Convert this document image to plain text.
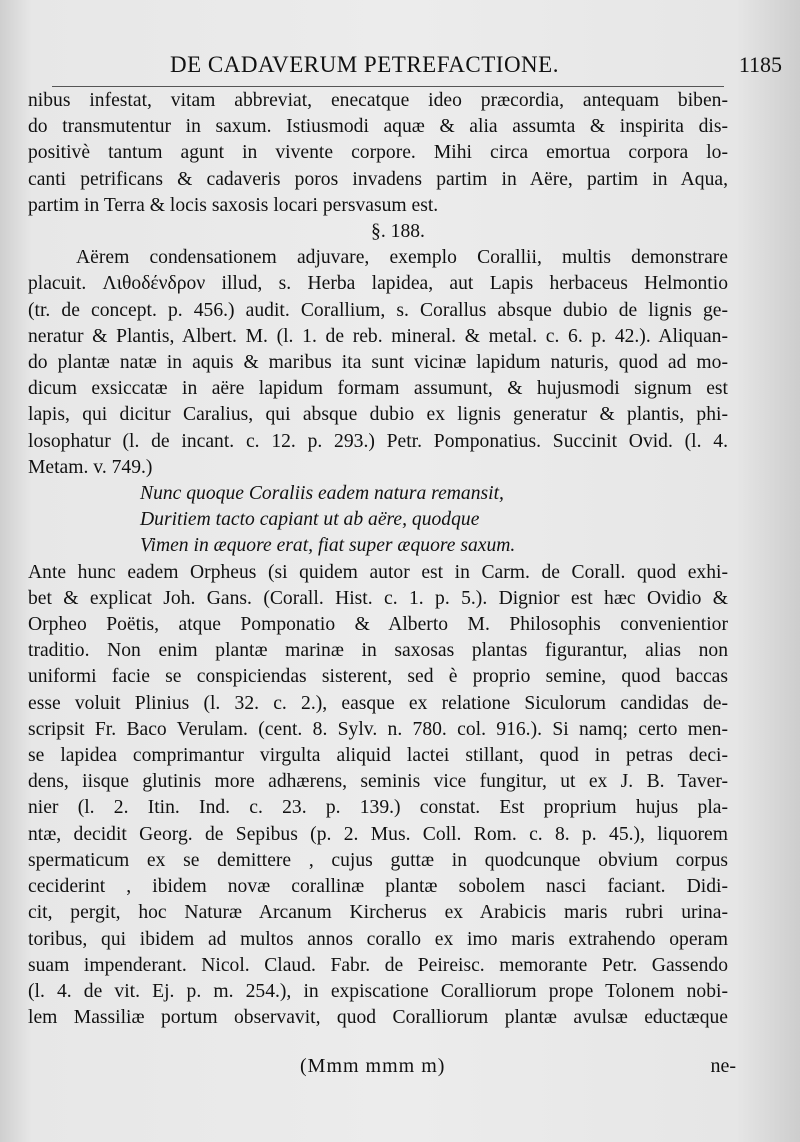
DE CADAVERUM PETREFACTIONE.	1185
nibus infestat, vitam abbreviat, enecatque ideo præcordia, antequam biben-
do transmutentur in saxum. Istiusmodi aquæ & alia assumta & inspirita dis-
positivè tantum agunt in vivente corpore. Mihi circa emortua corpora lo-
canti petrificans & cadaveris poros invadens partim in Aëre, partim in Aqua,
partim in Terra & locis saxosis locari persvasum est.
§. 188.
Aërem condensationem adjuvare, exemplo Corallii, multis demonstrare
placuit. Λιθοδένδρον illud, s. Herba lapidea, aut Lapis herbaceus Helmontio
(tr. de concept. p. 456.) audit. Corallium, s. Corallus absque dubio de lignis ge-
neratur & Plantis, Albert. M. (l. 1. de reb. mineral. & metal. c. 6. p. 42.). Aliquan-
do plantæ natæ in aquis & maribus ita sunt vicinæ lapidum naturis, quod ad mo-
dicum exsiccatæ in aëre lapidum formam assumunt, & hujusmodi signum est
lapis, qui dicitur Caralius, qui absque dubio ex lignis generatur & plantis, phi-
losophatur (l. de incant. c. 12. p. 293.) Petr. Pomponatius. Succinit Ovid. (l. 4.
Metam. v. 749.)
Nunc quoque Coraliis eadem natura remansit,
Duritiem tacto capiant ut ab aëre, quodque
Vimen in æquore erat, fiat super æquore saxum.
Ante hunc eadem Orpheus (si quidem autor est in Carm. de Corall. quod exhi-
bet & explicat Joh. Gans. (Corall. Hist. c. 1. p. 5.). Dignior est hæc Ovidio &
Orpheo Poëtis, atque Pomponatio & Alberto M. Philosophis convenientior
traditio. Non enim plantæ marinæ in saxosas plantas figurantur, alias non
uniformi facie se conspiciendas sisterent, sed è proprio semine, quod baccas
esse voluit Plinius (l. 32. c. 2.), easque ex relatione Siculorum candidas de-
scripsit Fr. Baco Verulam. (cent. 8. Sylv. n. 780. col. 916.). Si namq; certo men-
se lapidea comprimantur virgulta aliquid lactei stillant, quod in petras deci-
dens, iisque glutinis more adhærens, seminis vice fungitur, ut ex J. B. Taver-
nier (l. 2. Itin. Ind. c. 23. p. 139.) constat. Est proprium hujus pla-
ntæ, decidit Georg. de Sepibus (p. 2. Mus. Coll. Rom. c. 8. p. 45.), liquorem
spermaticum ex se demittere , cujus guttæ in quodcunque obvium corpus
ceciderint , ibidem novæ corallinæ plantæ sobolem nasci faciant. Didi-
cit, pergit, hoc Naturæ Arcanum Kircherus ex Arabicis maris rubri urina-
toribus, qui ibidem ad multos annos corallo ex imo maris extrahendo operam
suam impenderant. Nicol. Claud. Fabr. de Peireisc. memorante Petr. Gassendo
(l. 4. de vit. Ej. p. m. 254.), in expiscatione Coralliorum prope Tolonem nobi-
lem Massiliæ portum observavit, quod Coralliorum plantæ avulsæ eductæque
(Mmm mmm m)	ne-
